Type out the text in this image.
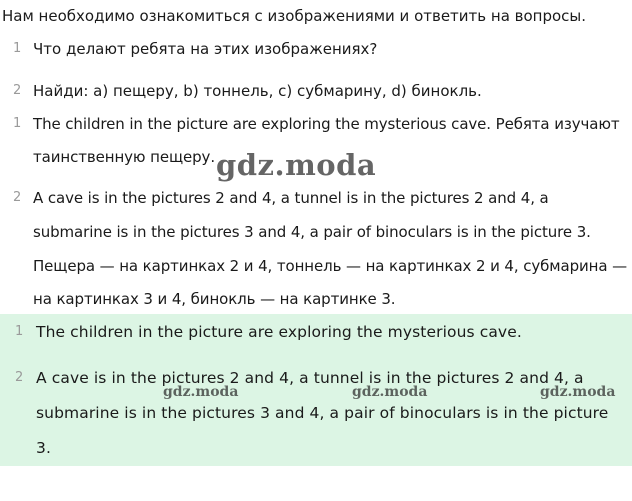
Нам необходимо ознакомиться с изображениями и ответить на вопросы.
1 Что делают ребята на этих изображениях?
2 Найди: a) пещеру, b) тоннель, c) субмарину, d) бинокль.
1 The children in the picture are exploring the mysterious cave. Ребята изучают
таинственную пещеру.
2 A cave is in the pictures 2 and 4, a tunnel is in the pictures 2 and 4, a
submarine is in the pictures 3 and 4, a pair of binoculars is in the picture 3.
Пещера — на картинках 2 и 4, тоннель — на картинках 2 и 4, субмарина —
на картинках 3 и 4, бинокль — на картинке 3.
1 The children in the picture are exploring the mysterious cave.
2 A cave is in the pictures 2 and 4, a tunnel is in the pictures 2 and 4, a
submarine is in the pictures 3 and 4, a pair of binoculars is in the picture
3.
gdz.moda
gdz.moda	gdz.moda	gdz.moda
